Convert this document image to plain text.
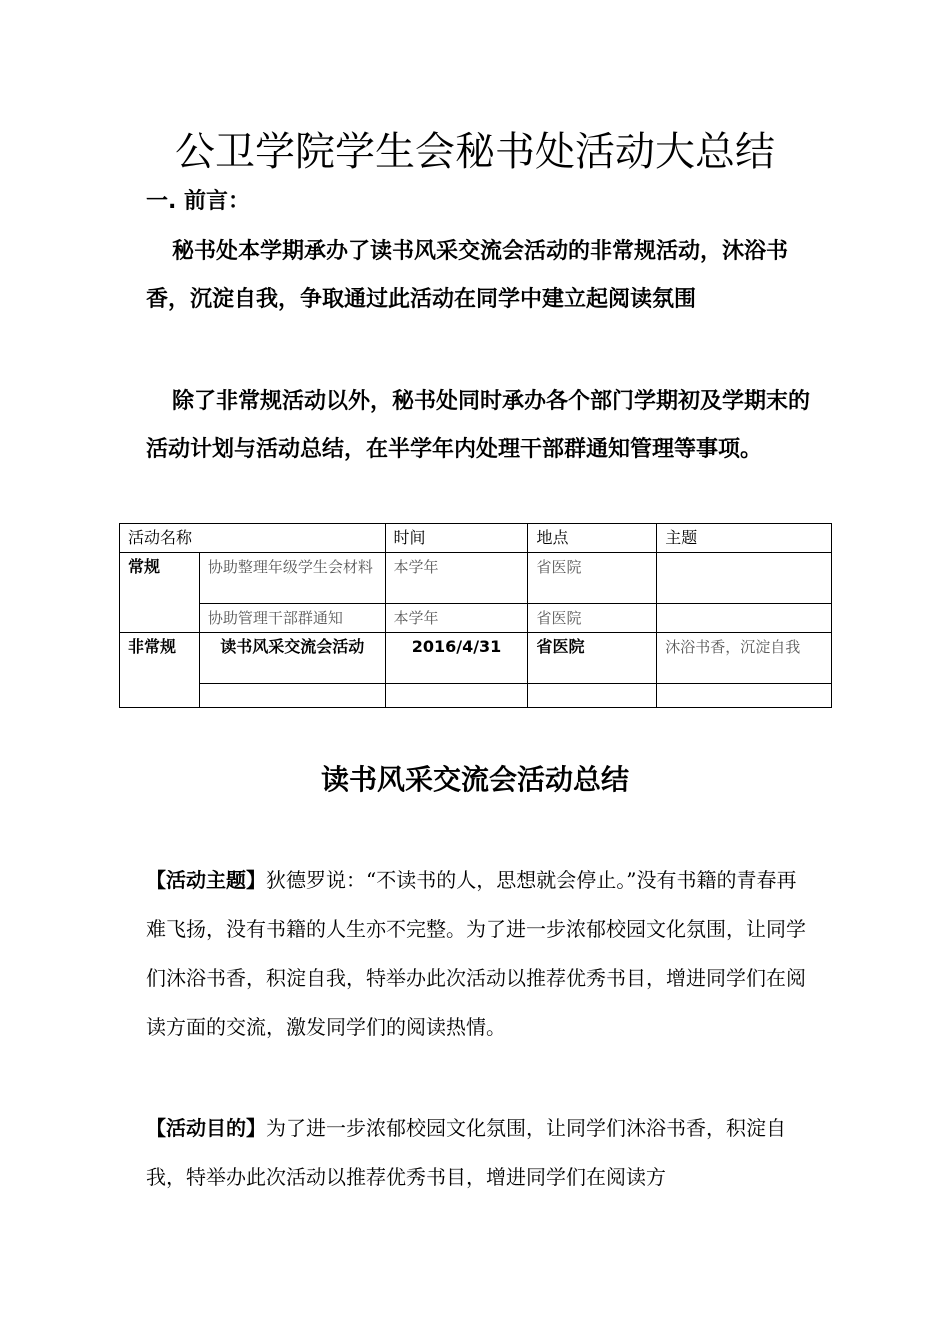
公卫学院学生会秘书处活动大总结

一. 前言：

秘书处本学期承办了读书风采交流会活动的非常规活动，沐浴书香，沉淀自我，争取通过此活动在同学中建立起阅读氛围

除了非常规活动以外，秘书处同时承办各个部门学期初及学期末的活动计划与活动总结，在半学年内处理干部群通知管理等事项。

活动名称		时间	地点	主题
常规	协助整理年级学生会材料	本学年	省医院	
	协助管理干部群通知	本学年	省医院	
非常规	读书风采交流会活动	2016/4/31	省医院	沐浴书香，沉淀自我

读书风采交流会活动总结

【活动主题】狄德罗说：“不读书的人，思想就会停止。”没有书籍的青春再难飞扬，没有书籍的人生亦不完整。为了进一步浓郁校园文化氛围，让同学们沐浴书香，积淀自我，特举办此次活动以推荐优秀书目，增进同学们在阅读方面的交流，激发同学们的阅读热情。

【活动目的】为了进一步浓郁校园文化氛围，让同学们沐浴书香，积淀自我，特举办此次活动以推荐优秀书目，增进同学们在阅读方
